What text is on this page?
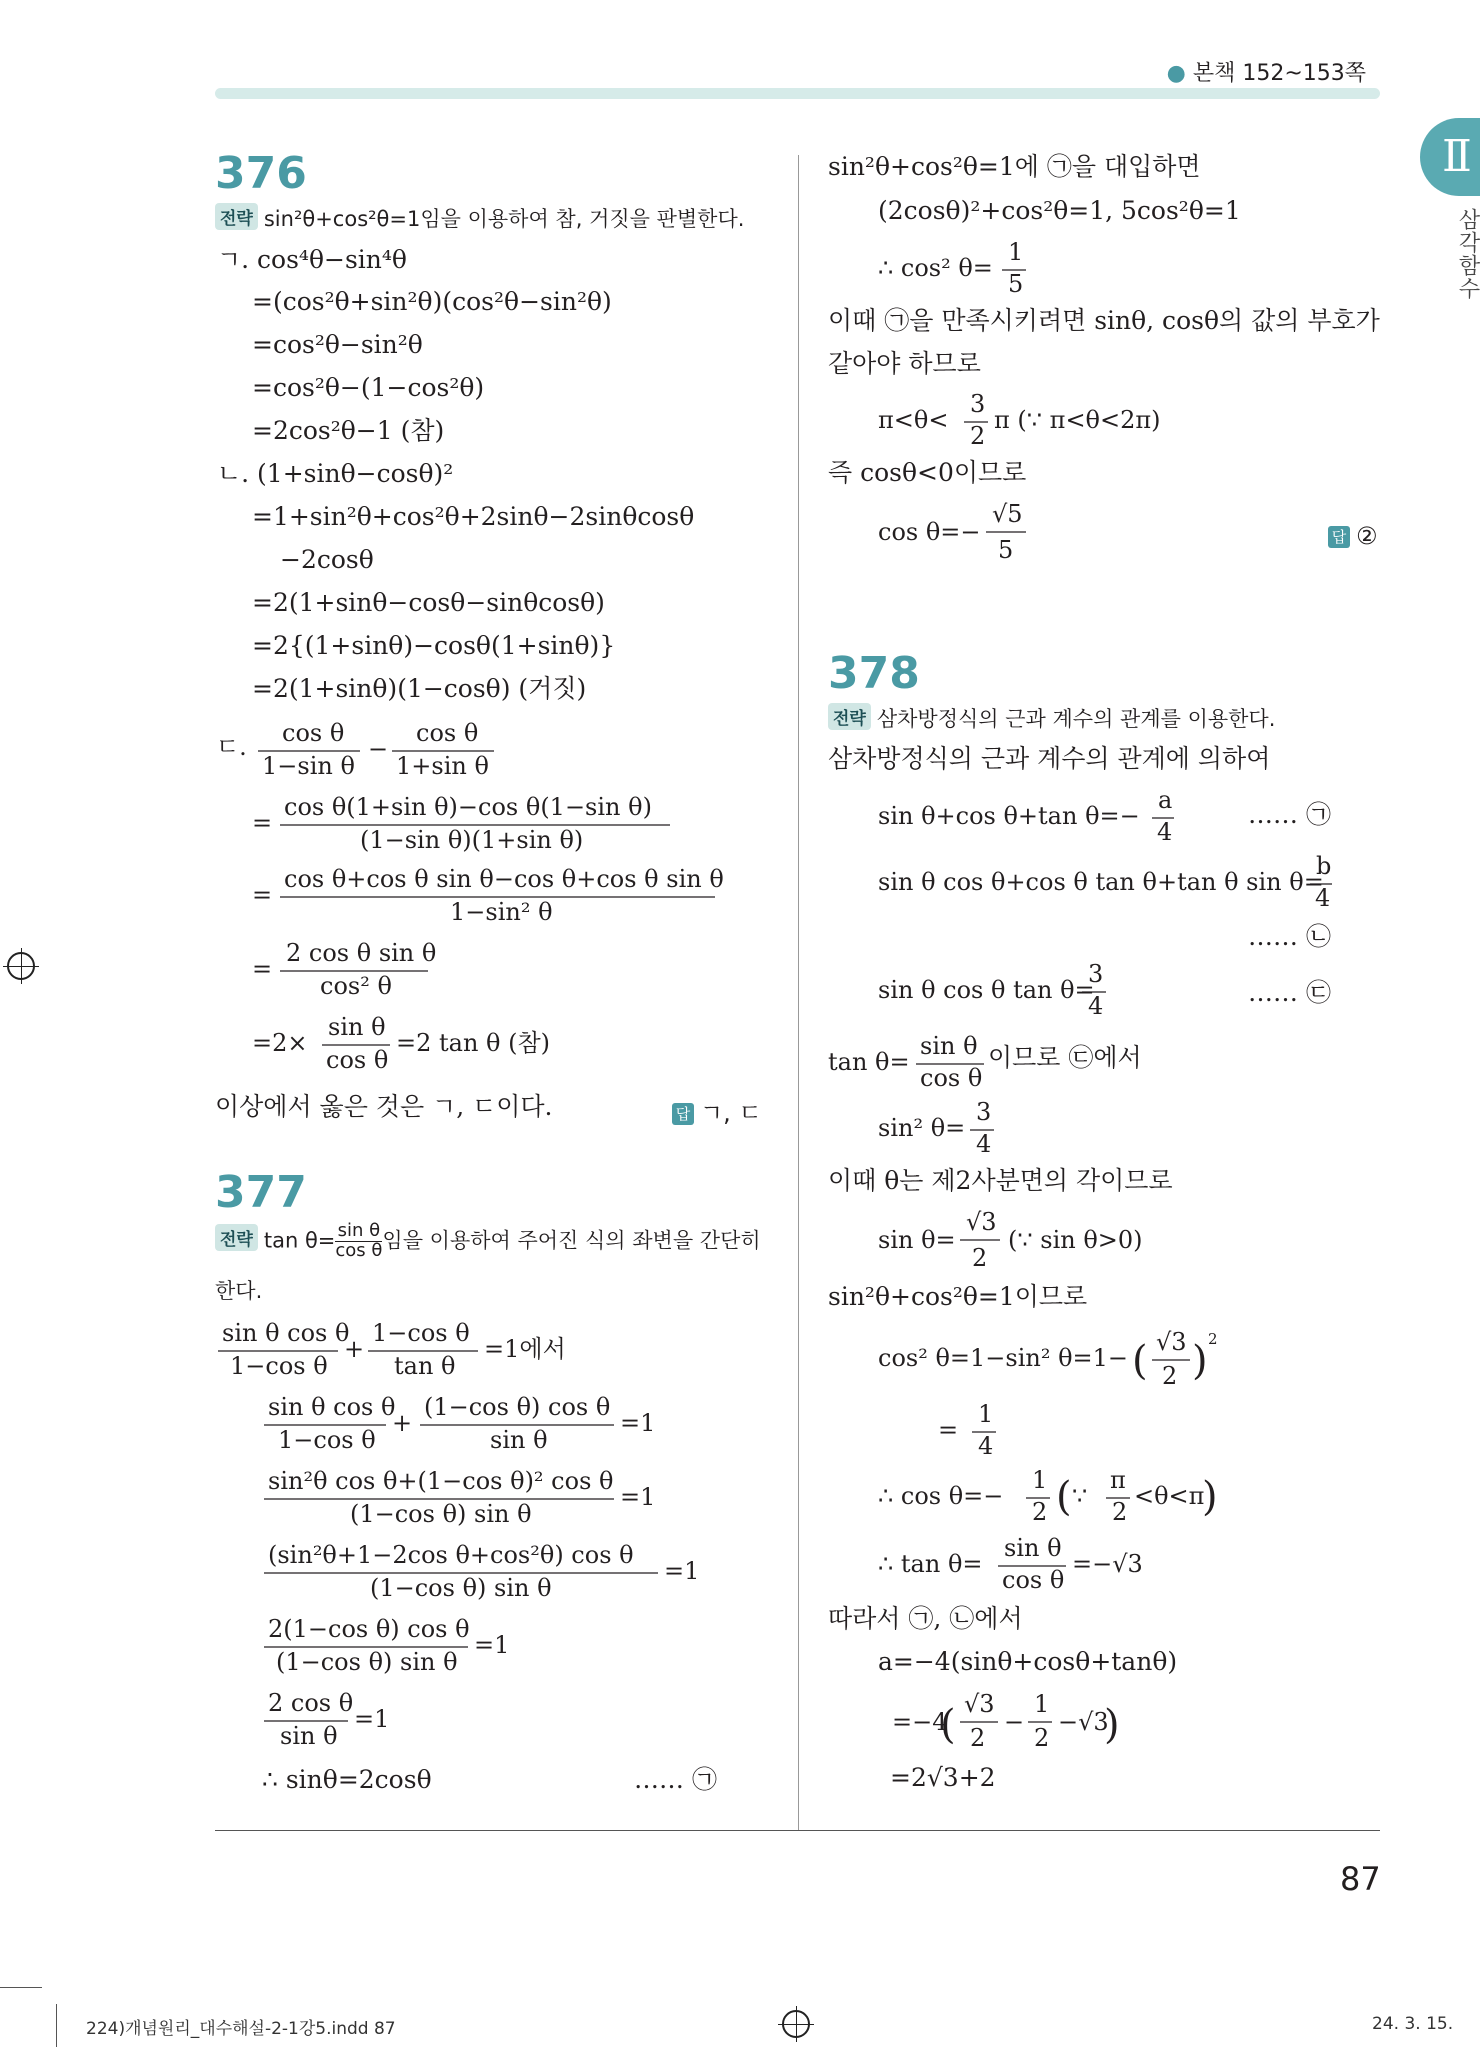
● 본책 152~153쪽
Ⅱ
삼각함수
376
전략 sin²θ+cos²θ=1임을 이용하여 참, 거짓을 판별한다.
ㄱ. cos⁴θ−sin⁴θ
=(cos²θ+sin²θ)(cos²θ−sin²θ)
=cos²θ−sin²θ
=cos²θ−(1−cos²θ)
=2cos²θ−1 (참)
ㄴ. (1+sinθ−cosθ)²
=1+sin²θ+cos²θ+2sinθ−2sinθcosθ
−2cosθ
=2(1+sinθ−cosθ−sinθcosθ)
=2{(1+sinθ)−cosθ(1+sinθ)}
=2(1+sinθ)(1−cosθ) (거짓)
ㄷ. cos θ
1−sin θ
−
cos θ
1+sin θ
=
cos θ(1+sin θ)−cos θ(1−sin θ)
(1−sin θ)(1+sin θ)
=
cos θ+cos θ sin θ−cos θ+cos θ sin θ
1−sin² θ
=
2 cos θ sin θ
cos² θ
=2×
sin θ
cos θ
=2 tan θ (참)
이상에서 옳은 것은 ㄱ, ㄷ이다.	답 ㄱ, ㄷ
377
전략 $\tan \theta= \frac{\text{sin θ}}{\text{cos θ}}$ 임을 이용하여 주어진 식의 좌변을 간단히
한다.
sin θ cos θ
1−cos θ
+
1−cos θ
tan θ
=1에서
sin θ cos θ
1−cos θ
+
(1−cos θ) cos θ
sin θ
=1
sin²θ cos θ+(1−cos θ)² cos θ
(1−cos θ) sin θ
=1
(sin²θ+1−2cos θ+cos²θ) cos θ
(1−cos θ) sin θ
=1
2(1−cos θ) cos θ
(1−cos θ) sin θ
=1
2 cos θ
sin θ
=1
∴ sinθ=2cosθ	…… ㉠
sin²θ+cos²θ=1에 ㉠을 대입하면
(2cosθ)²+cos²θ=1, 5cos²θ=1
∴ cos² θ=
1
5
이때 ㉠을 만족시키려면 sinθ, cosθ의 값의 부호가
같아야 하므로
π<θ<
3
2
π (∵ π<θ<2π)
즉 cosθ<0이므로
cos θ=−
√5
5	답 ②
378
전략 삼차방정식의 근과 계수의 관계를 이용한다.
삼차방정식의 근과 계수의 관계에 의하여
sin θ+cos θ+tan θ=−
a
4
sin θ cos θ+cos θ tan θ+tan θ sin θ=
b
4
sin θ cos θ tan θ=
3
4
…… ㉠
…… ㉡
…… ㉢
tan θ=
sin θ
cos θ
이므로 ㉢에서
sin² θ=
3
4
이때 θ는 제2사분면의 각이므로
sin θ=
√3
2
(∵ sin θ>0)
sin²θ+cos²θ=1이므로
cos² θ=1−sin² θ=1− ( √3
2 ) 2
=
1
4
∴ cos θ=−
1
2 ( ∵
π
2
<θ<π
)
∴ tan θ=
sin θ
cos θ
=−√3
따라서 ㉠, ㉡에서
a=−4(sinθ+cosθ+tanθ)
=−4
( √3
2
−
1
2
−√3
)
=2√3+2
87
224)개념원리_대수해설-2-1강5.indd 87	24. 3. 15.
